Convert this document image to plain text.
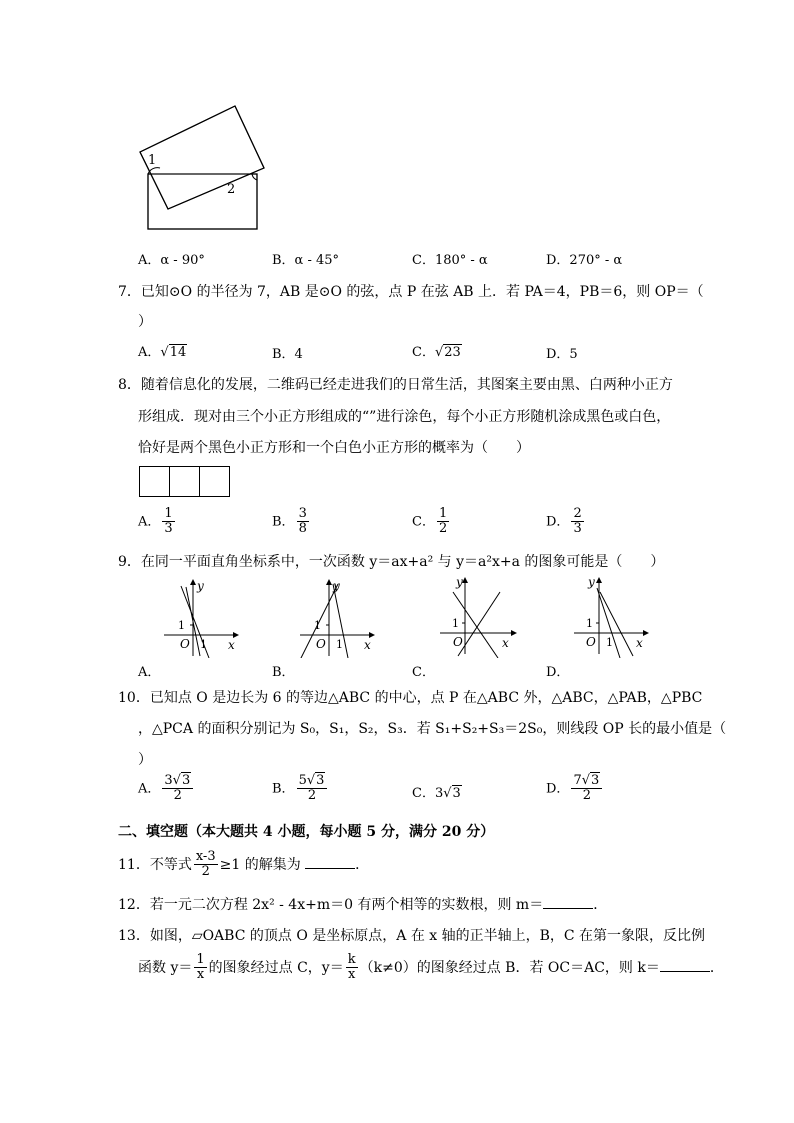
1
2
A．α - 90°	B．α - 45°	C．180° - α	D．270° - α
7．已知⊙O 的半径为 7，AB 是⊙O 的弦，点 P 在弦 AB 上．若 PA＝4，PB＝6，则 OP＝（
）
A．√14	B．4	C．√23	D．5
8．随着信息化的发展，二维码已经走进我们的日常生活，其图案主要由黑、白两种小正方
形组成．现对由三个小正方形组成的“”进行涂色，每个小正方形随机涂成黑色或白色，
恰好是两个黑色小正方形和一个白色小正方形的概率为（　　）
A． $\frac{1}{3}$	B． $\frac{3}{8}$	C． $\frac{1}{2}$	D． $\frac{2}{3}$
9．在同一平面直角坐标系中，一次函数 y＝ax+a² 与 y＝a²x+a 的图象可能是（　　）
y
x
O
1
1
A．
y
x
O
1
1
B．
y
x
O
1
C．
y
x
O
1
1
D．
10．已知点 O 是边长为 6 的等边△ABC 的中心，点 P 在△ABC 外，△ABC，△PAB，△PBC
，△PCA 的面积分别记为 S₀，S₁，S₂，S₃．若 S₁+S₂+S₃＝2S₀，则线段 OP 长的最小值是（
）
A． $\frac{3√3}{2}$	B． $\frac{5√3}{2}$	C．3√3	D． $\frac{7√3}{2}$
二、填空题（本大题共 4 小题，每小题 5 分，满分 20 分）
11．不等式 $\frac{x-3}{2} \ge 1$ 的解集为	．
12．若一元二次方程 2x² - 4x+m＝0 有两个相等的实数根，则 m＝	．
13．如图，▱OABC 的顶点 O 是坐标原点，A 在 x 轴的正半轴上，B，C 在第一象限，反比例
函数 $y= \frac{1}{x}$ 的图象经过点 C，$y= \frac{k}{x} (k\ne 0)$的图象经过点 B．若 OC＝AC，则 k＝	．
